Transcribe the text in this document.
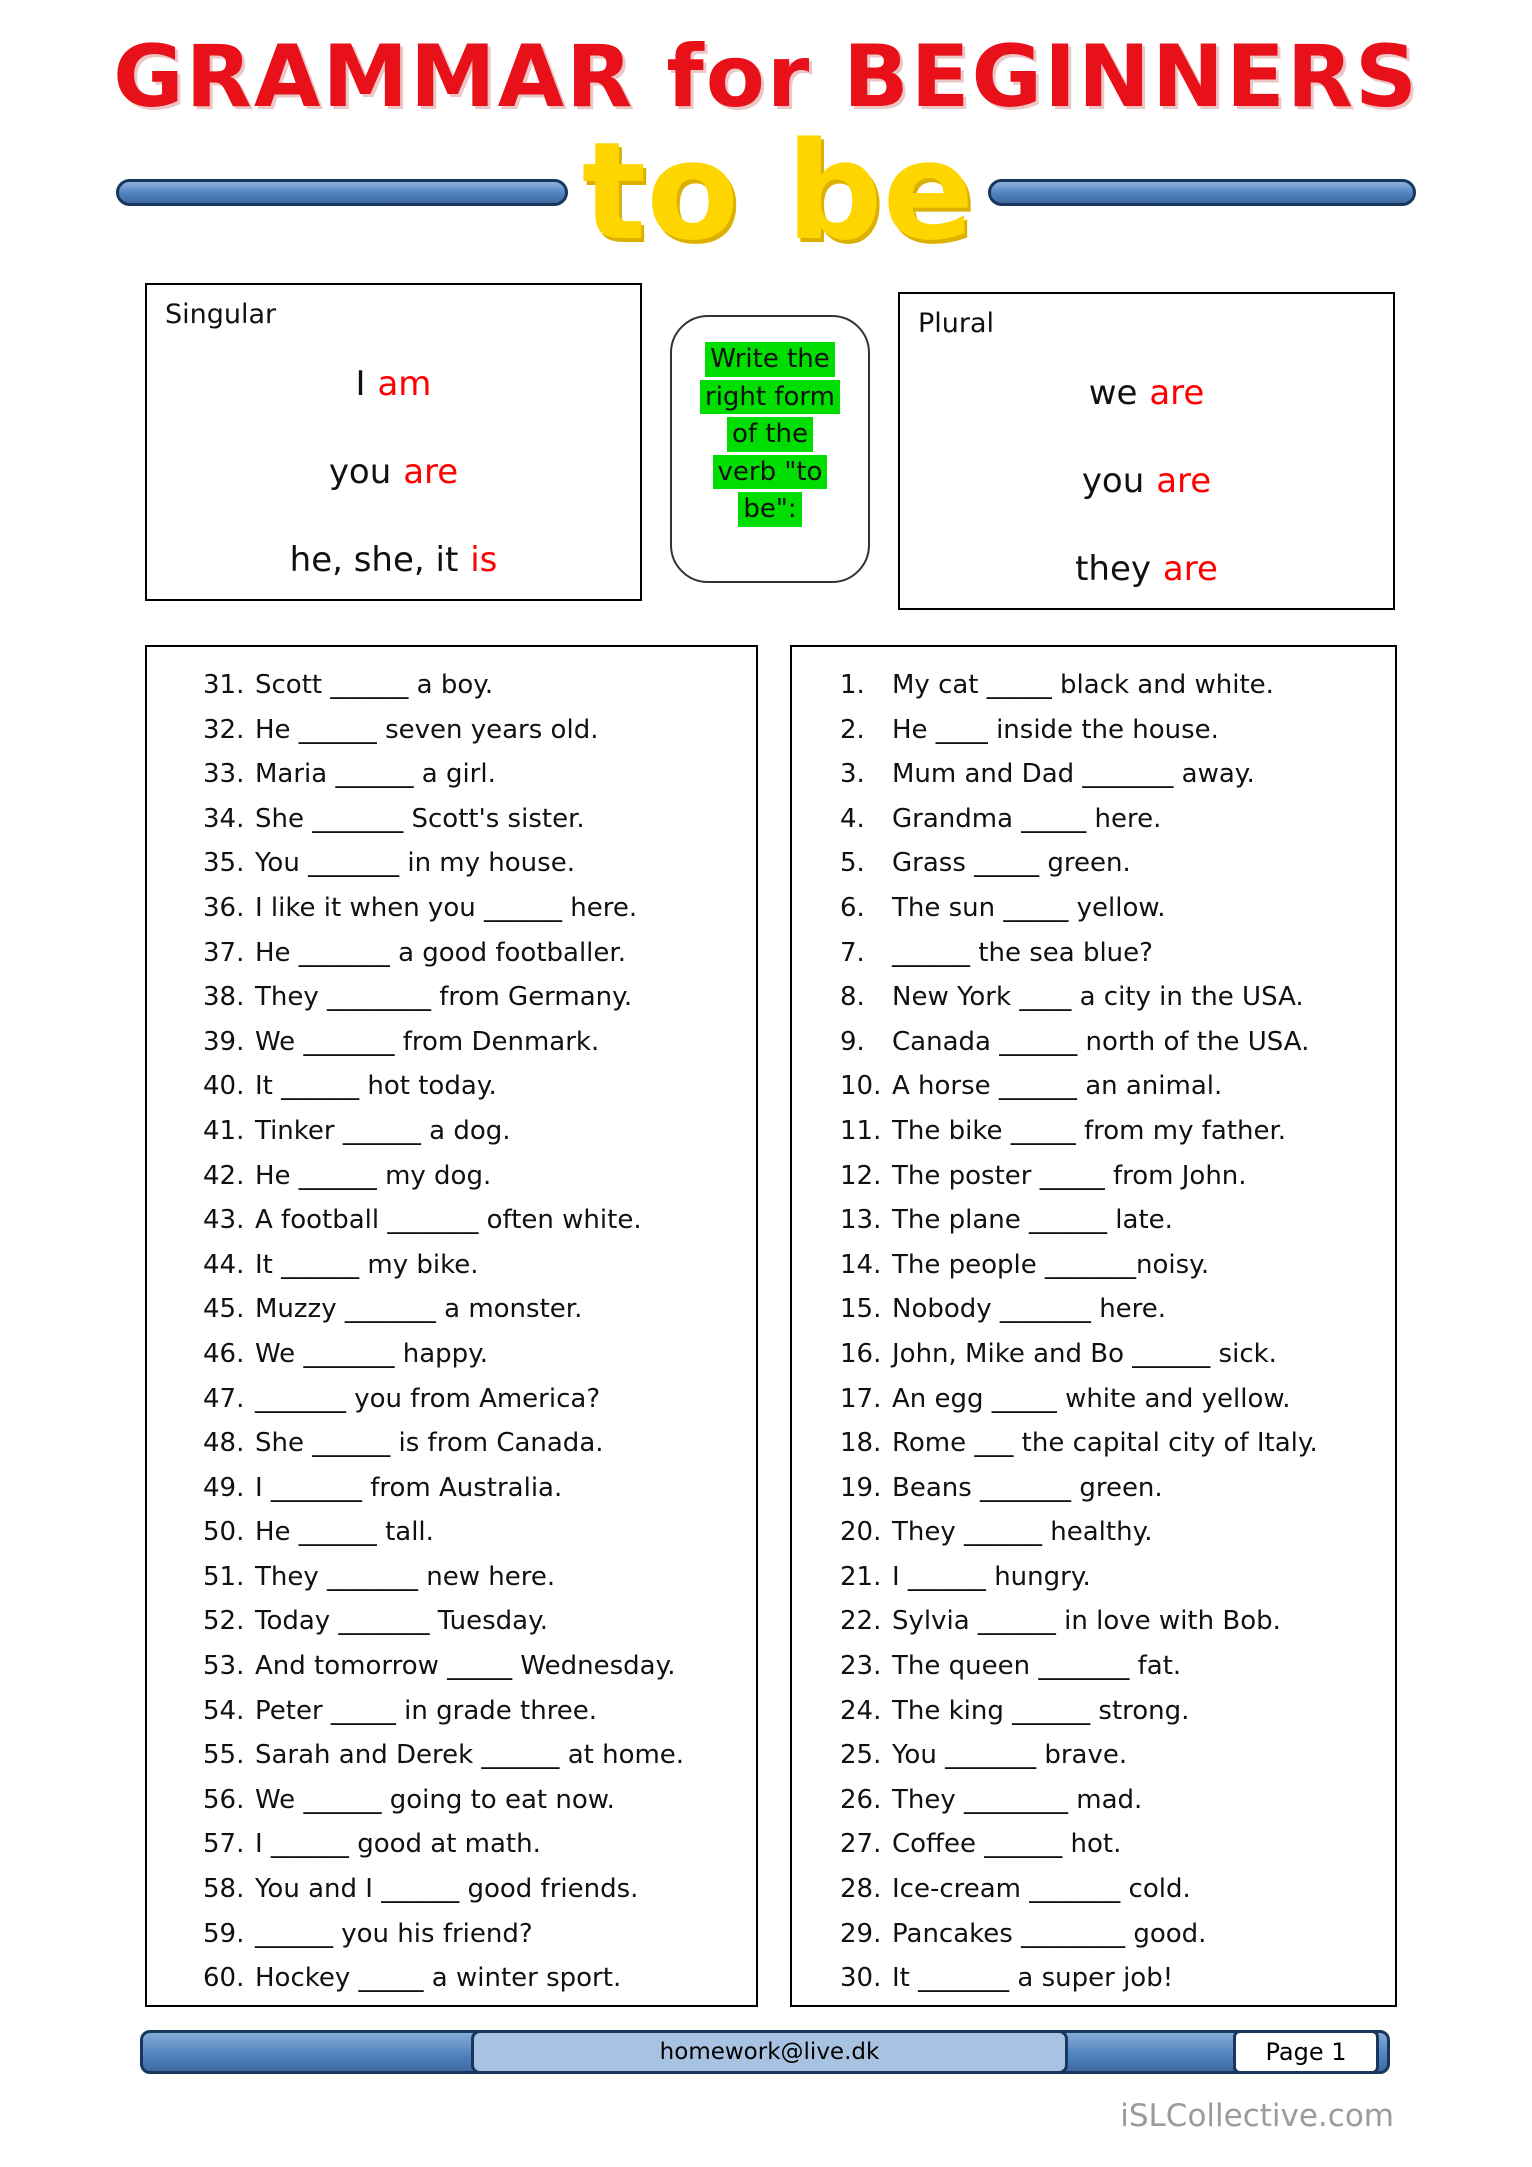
GRAMMAR for BEGINNERS
to be
Singular
I am
you are
he, she, it is
Write the
right form
of the
verb "to
be":
Plural
we are
you are
they are
31. Scott ______ a boy.
32. He ______ seven years old.
33. Maria ______ a girl.
34. She _______ Scott's sister.
35. You _______ in my house.
36. I like it when you ______ here.
37. He _______ a good footballer.
38. They ________ from Germany.
39. We _______ from Denmark.
40. It ______ hot today.
41. Tinker ______ a dog.
42. He ______ my dog.
43. A football _______ often white.
44. It ______ my bike.
45. Muzzy _______ a monster.
46. We _______ happy.
47. _______ you from America?
48. She ______ is from Canada.
49. I _______ from Australia.
50. He ______ tall.
51. They _______ new here.
52. Today _______ Tuesday.
53. And tomorrow _____ Wednesday.
54. Peter _____ in grade three.
55. Sarah and Derek ______ at home.
56. We ______ going to eat now.
57. I ______ good at math.
58. You and I ______ good friends.
59. ______ you his friend?
60. Hockey _____ a winter sport.
1.	My cat _____ black and white.
2.	He ____ inside the house.
3.	Mum and Dad _______ away.
4.	Grandma _____ here.
5.	Grass _____ green.
6.	The sun _____ yellow.
7.	______ the sea blue?
8.	New York ____ a city in the USA.
9.	Canada ______ north of the USA.
10. A horse ______ an animal.
11. The bike _____ from my father.
12. The poster _____ from John.
13. The plane ______ late.
14. The people _______noisy.
15. Nobody _______ here.
16. John, Mike and Bo ______ sick.
17. An egg _____ white and yellow.
18. Rome ___ the capital city of Italy.
19. Beans _______ green.
20. They ______ healthy.
21. I ______ hungry.
22. Sylvia ______ in love with Bob.
23. The queen _______ fat.
24. The king ______ strong.
25. You _______ brave.
26. They ________ mad.
27. Coffee ______ hot.
28. Ice-cream _______ cold.
29. Pancakes ________ good.
30. It _______ a super job!
homework@live.dk	Page 1
iSLCollective.com
